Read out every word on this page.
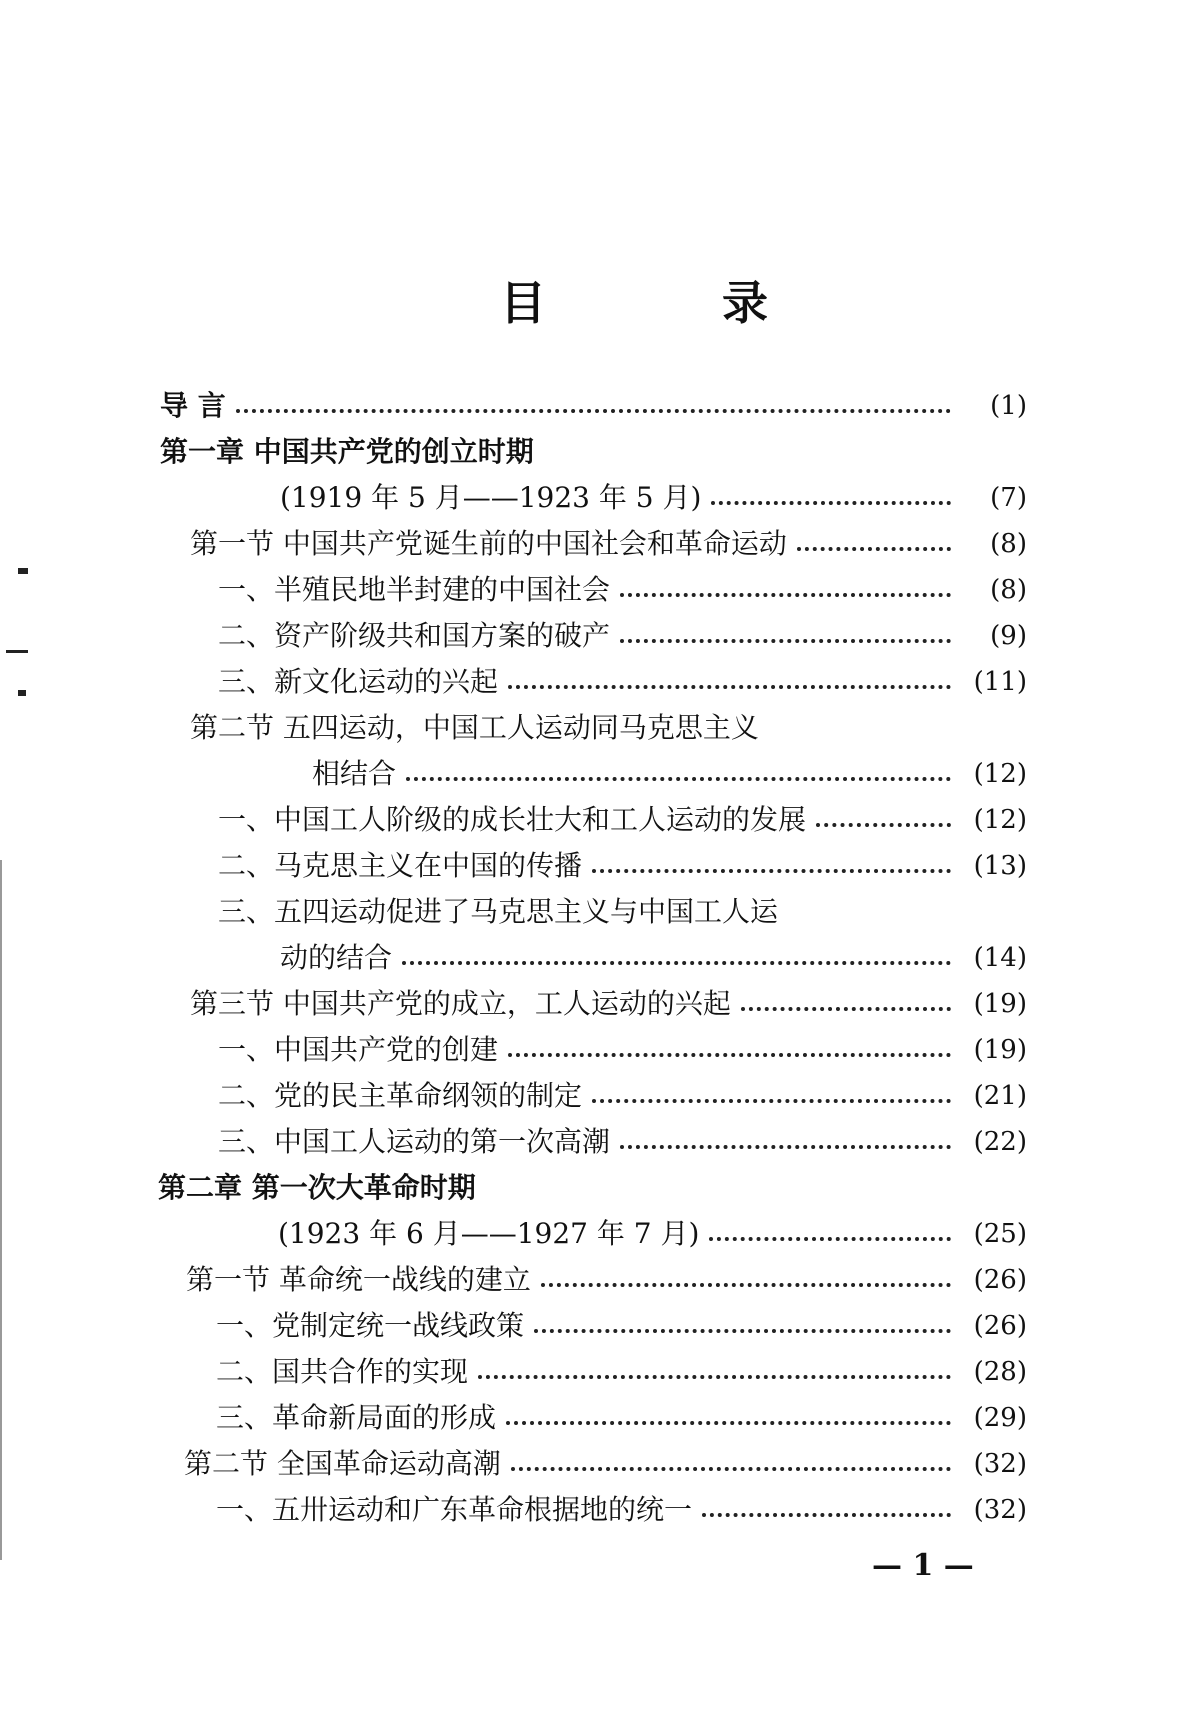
目 录
导 言	(1)
第一章 中国共产党的创立时期
(1919 年 5 月——1923 年 5 月)	(7)
第一节 中国共产党诞生前的中国社会和革命运动	(8)
一、半殖民地半封建的中国社会	(8)
二、资产阶级共和国方案的破产	(9)
三、新文化运动的兴起	(11)
第二节 五四运动，中国工人运动同马克思主义
相结合	(12)
一、中国工人阶级的成长壮大和工人运动的发展	(12)
二、马克思主义在中国的传播	(13)
三、五四运动促进了马克思主义与中国工人运
动的结合	(14)
第三节 中国共产党的成立，工人运动的兴起	(19)
一、中国共产党的创建	(19)
二、党的民主革命纲领的制定	(21)
三、中国工人运动的第一次高潮	(22)
第二章 第一次大革命时期
(1923 年 6 月——1927 年 7 月)	(25)
第一节 革命统一战线的建立	(26)
一、党制定统一战线政策	(26)
二、国共合作的实现	(28)
三、革命新局面的形成	(29)
第二节 全国革命运动高潮	(32)
一、五卅运动和广东革命根据地的统一	(32)
— 1 —
